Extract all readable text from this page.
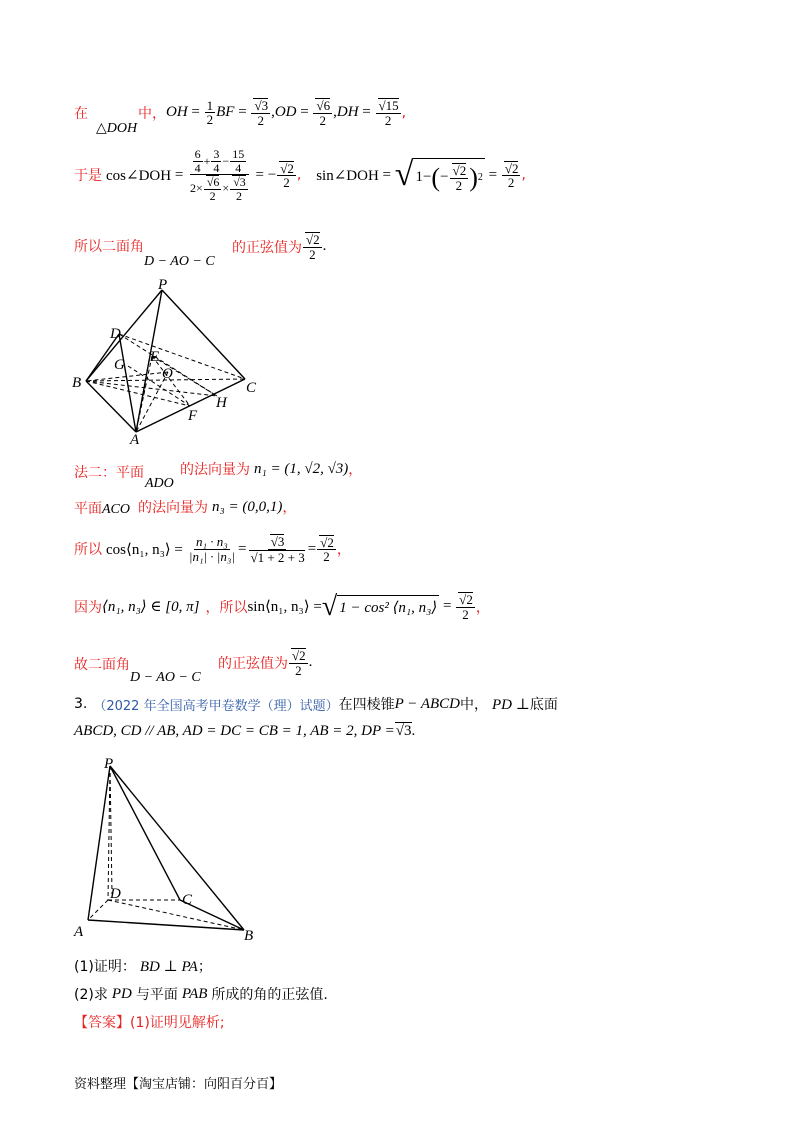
在
△DOH
中， OH = $\frac{1}{2}$ BF =
√ $\frac{3}{2}$ , OD =
√ $\frac{6}{2}$ , DH =
√ $\frac{15}{2}$ ,
于是 cos∠DOH = $\frac{6}{4} + \frac{3}{4} - \frac{15}{4}$
2×
√ $\frac{6}{2}$ ×
√ $\frac{3}{2}$ = −
√ $\frac{2}{2}$ , sin∠DOH = √ 1− ( −
√ $\frac{2}{2}$ ) 2 =
√ $\frac{2}{2}$ ,
所以二面角
D − AO − C
的正弦值为
√ $\frac{2}{2}$ .
P
D
G E
O
B	C
H
F
A
法二：平面
ADO
的法向量为 n₁ = (1, √2, √3) ，
平面 ACO 的法向量为 n₃ = (0,0,1) ，
所以 cos⟨n₁, n₃⟩ = $\frac{\text{n₁ · n₃}}{\text{|n₁| · |n₃|}}$ =
√ 3
√ 1 + 2 + 3 =
√ $\frac{2}{2}$ ，
因为 ⟨n₁, n₃⟩ ∈ [0, π] ，所以 sin⟨n₁, n₃⟩ = √ 1 − cos² ⟨n₁, n₃⟩ =
√ $\frac{2}{2}$ ，
故二面角
D − AO − C
的正弦值为
√ $\frac{2}{2}$ .
3. （2022 年全国高考甲卷数学（理）试题） 在四棱锥 P − ABCD 中， PD ⊥ 底面
ABCD, CD // AB, AD = DC = CB = 1, AB = 2, DP =
√ 3 .
P
D	C
A	B
(1)证明： BD ⊥ PA ；
(2)求 PD 与平面 PAB 所成的角的正弦值.
【答案】 (1)证明见解析;
资料整理【淘宝店铺：向阳百分百】
